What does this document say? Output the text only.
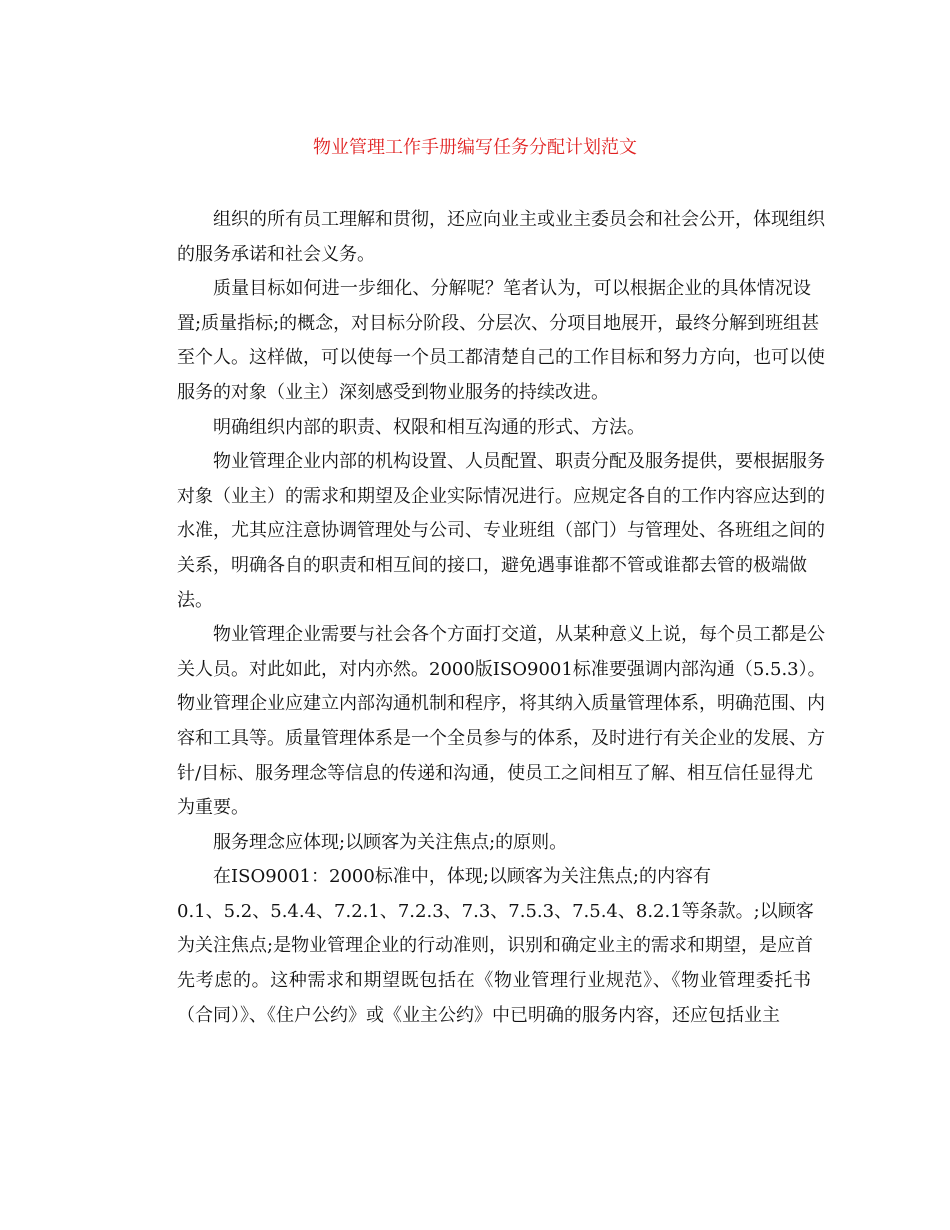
物业管理工作手册编写任务分配计划范文
组织的所有员工理解和贯彻，还应向业主或业主委员会和社会公开，体现组织
的服务承诺和社会义务。
质量目标如何进一步细化、分解呢？笔者认为，可以根据企业的具体情况设
置;质量指标;的概念，对目标分阶段、分层次、分项目地展开，最终分解到班组甚
至个人。这样做，可以使每一个员工都清楚自己的工作目标和努力方向，也可以使
服务的对象（业主）深刻感受到物业服务的持续改进。
明确组织内部的职责、权限和相互沟通的形式、方法。
物业管理企业内部的机构设置、人员配置、职责分配及服务提供，要根据服务
对象（业主）的需求和期望及企业实际情况进行。应规定各自的工作内容应达到的
水准，尤其应注意协调管理处与公司、专业班组（部门）与管理处、各班组之间的
关系，明确各自的职责和相互间的接口，避免遇事谁都不管或谁都去管的极端做
法。
物业管理企业需要与社会各个方面打交道，从某种意义上说，每个员工都是公
关人员。对此如此，对内亦然。2000版ISO9001标准要强调内部沟通（5.5.3）。
物业管理企业应建立内部沟通机制和程序，将其纳入质量管理体系，明确范围、内
容和工具等。质量管理体系是一个全员参与的体系，及时进行有关企业的发展、方
针/目标、服务理念等信息的传递和沟通，使员工之间相互了解、相互信任显得尤
为重要。
服务理念应体现;以顾客为关注焦点;的原则。
在ISO9001：2000标准中，体现;以顾客为关注焦点;的内容有
0.1、5.2、5.4.4、7.2.1、7.2.3、7.3、7.5.3、7.5.4、8.2.1等条款。;以顾客
为关注焦点;是物业管理企业的行动准则，识别和确定业主的需求和期望，是应首
先考虑的。这种需求和期望既包括在《物业管理行业规范》、《物业管理委托书
（合同）》、《住户公约》或《业主公约》中已明确的服务内容，还应包括业主
